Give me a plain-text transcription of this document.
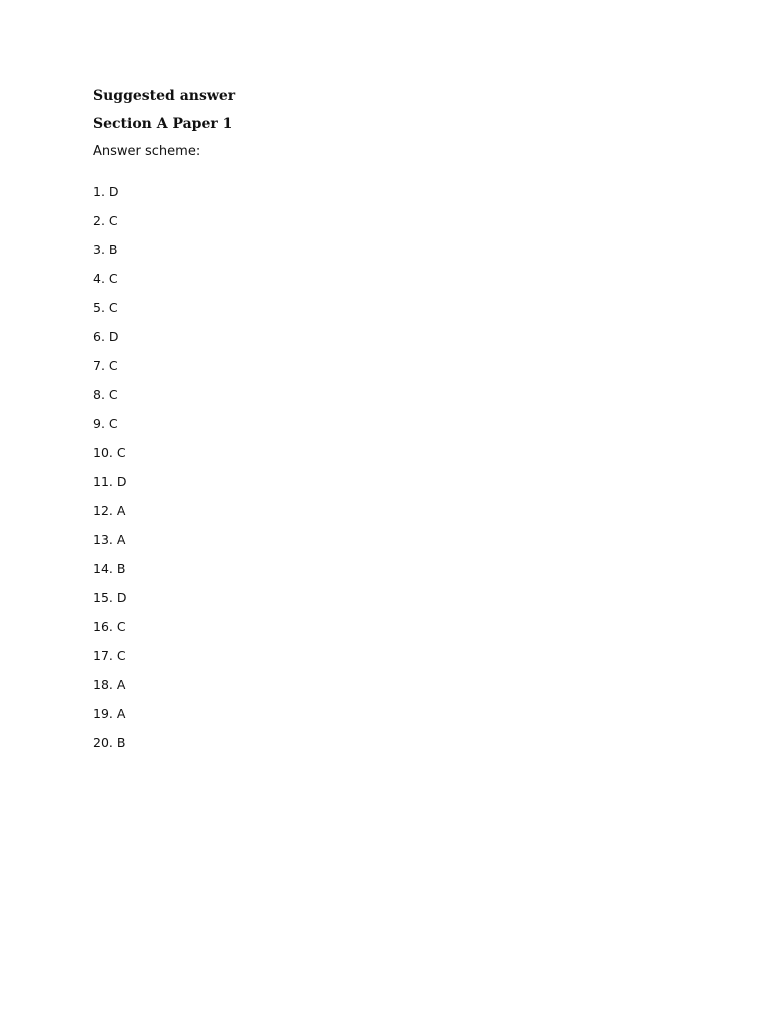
Suggested answer

Section A Paper 1

Answer scheme:

1 . D
2 . C
3 . B
4 . C
5 . C
6 . D
7 . C
8 . C
9 . C
10 . C
11 . D
12 . A
13 . A
14 . B
15 . D
16 . C
17 . C
18 . A
19 . A
20 . B
